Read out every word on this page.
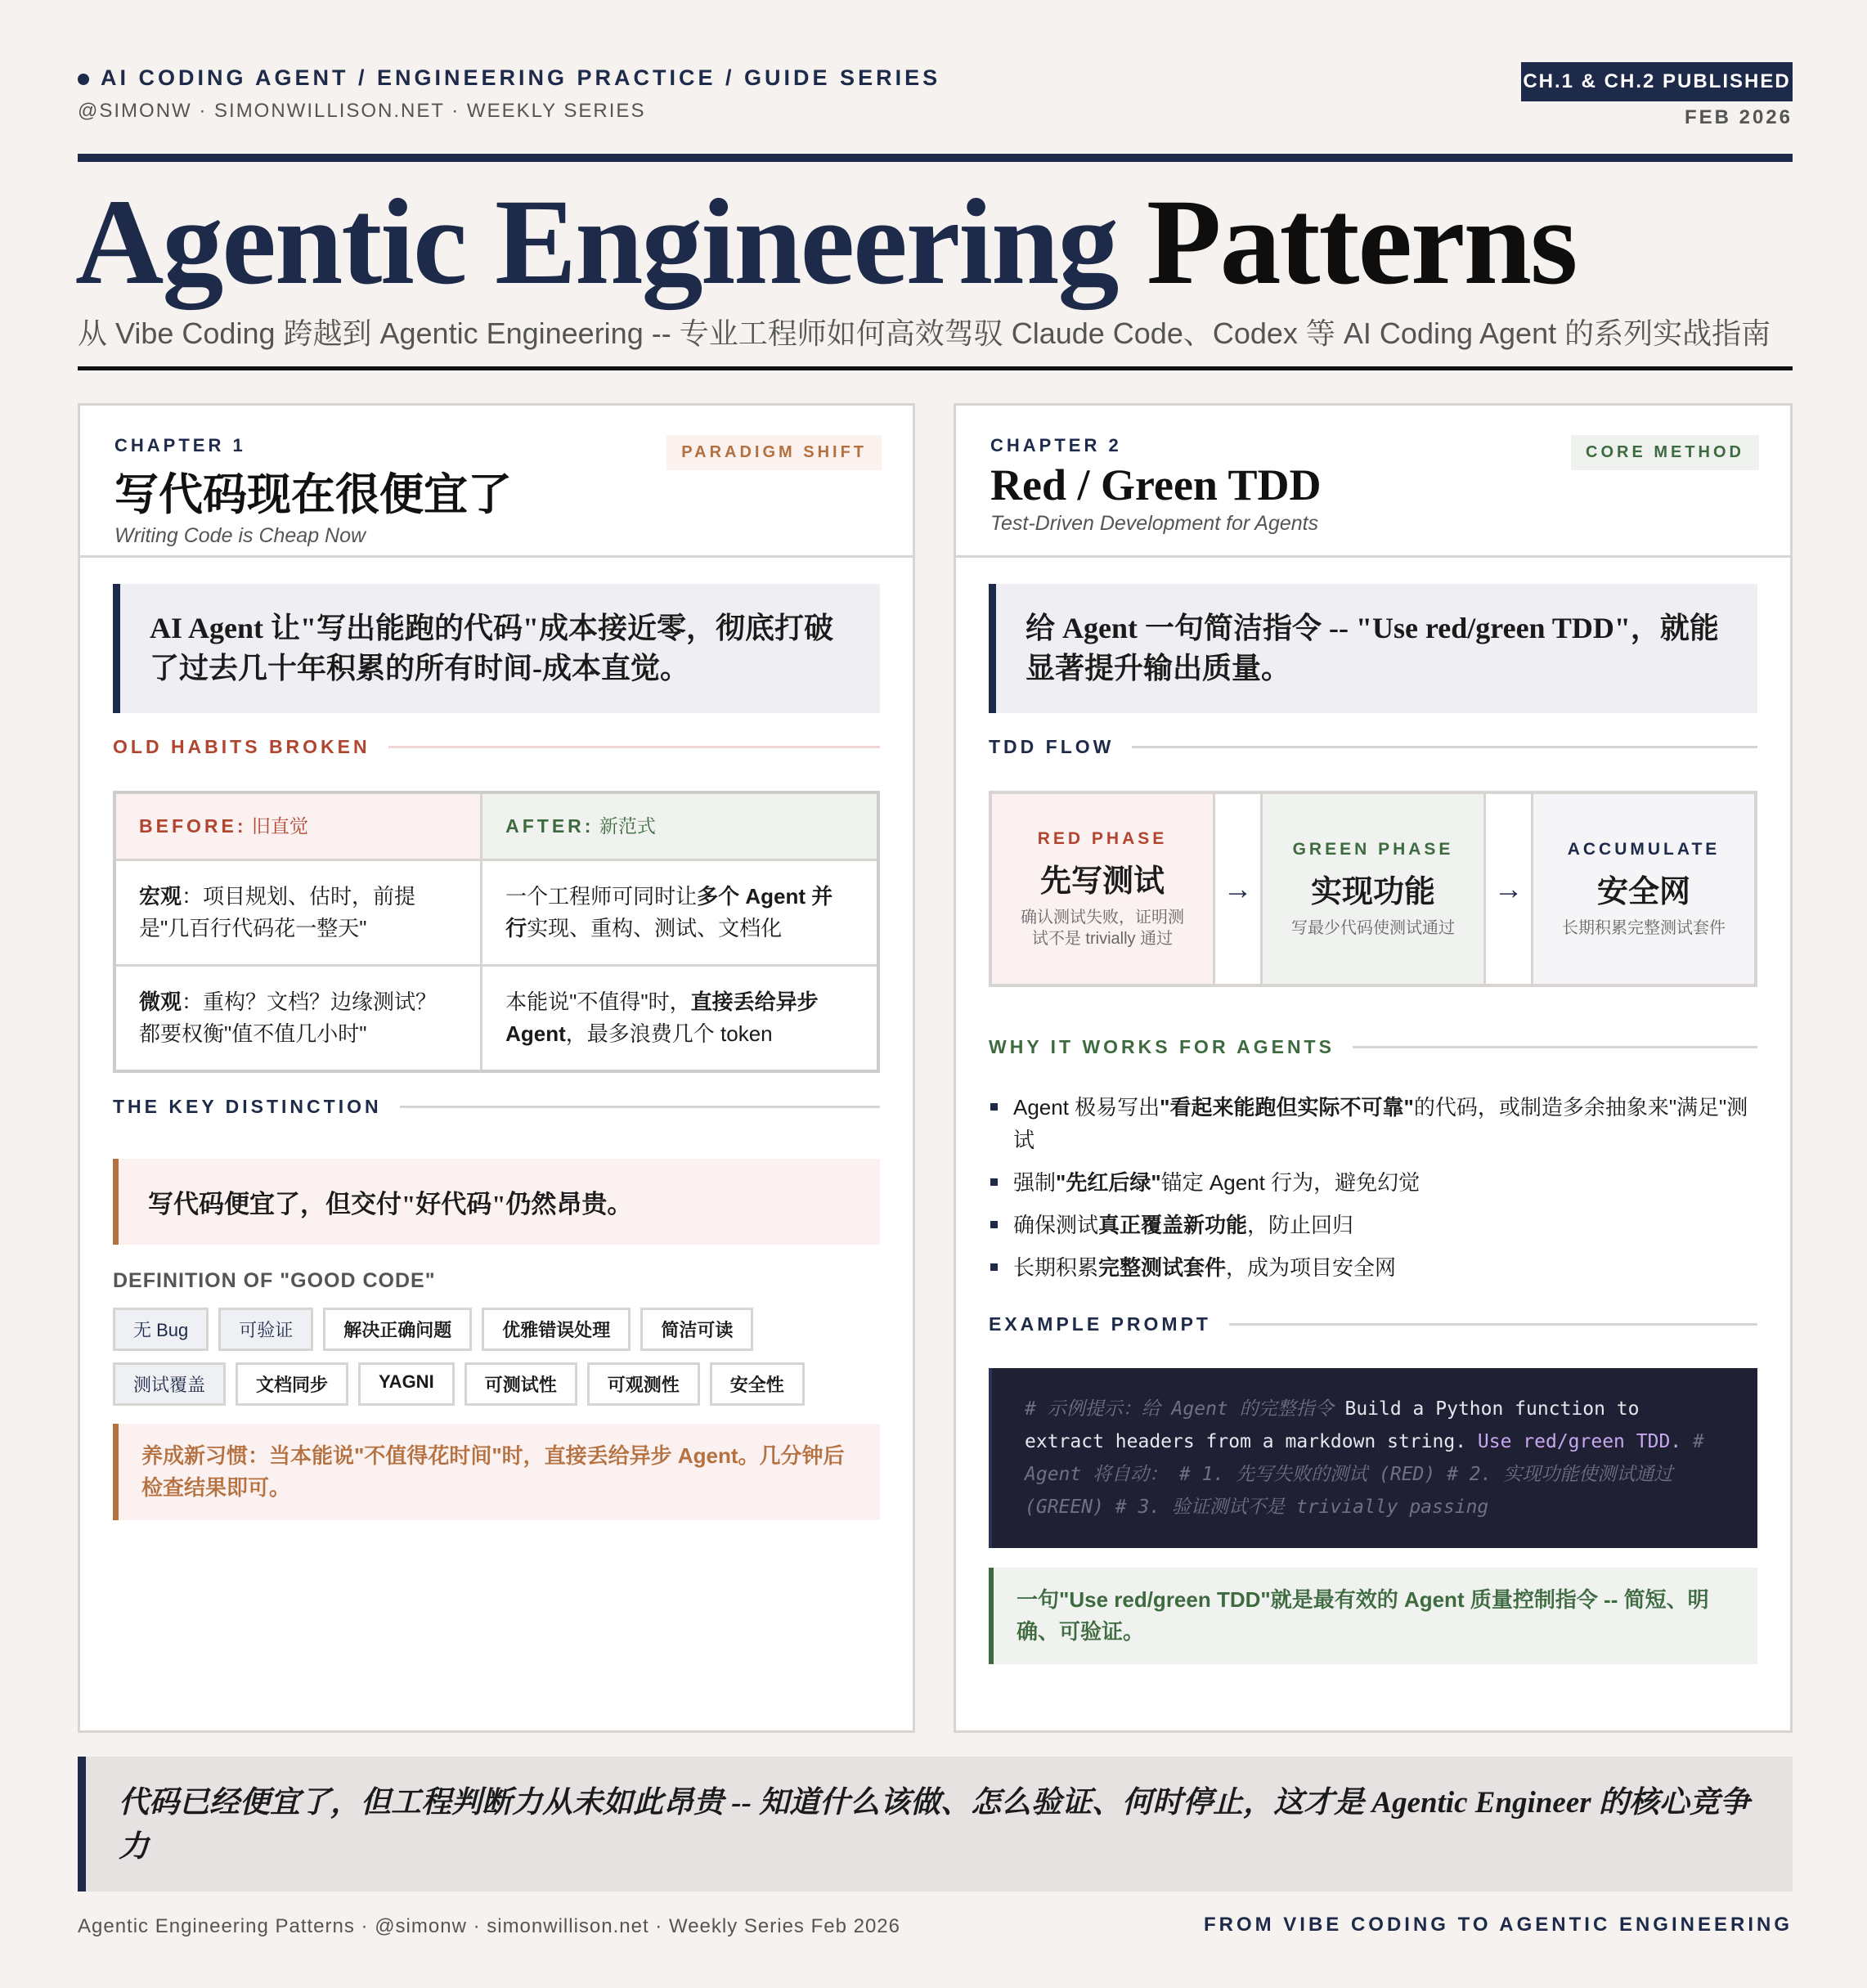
AI CODING AGENT / ENGINEERING PRACTICE / GUIDE SERIES
@SIMONW · SIMONWILLISON.NET · WEEKLY SERIES
CH.1 & CH.2 PUBLISHED
FEB 2026
Agentic Engineering Patterns
从 Vibe Coding 跨越到 Agentic Engineering -- 专业工程师如何高效驾驭 Claude Code、Codex 等 AI Coding Agent 的系列实战指南
CHAPTER 1
写代码现在很便宜了
Writing Code is Cheap Now
PARADIGM SHIFT
AI Agent 让"写出能跑的代码"成本接近零，彻底打破了过去几十年积累的所有时间-成本直觉。
OLD HABITS BROKEN
BEFORE: 旧直觉	AFTER: 新范式
宏观：项目规划、估时，前提是"几百行代码花一整天"	一个工程师可同时让多个 Agent 并行实现、重构、测试、文档化
微观：重构？文档？边缘测试？都要权衡"值不值几小时"	本能说"不值得"时，直接丢给异步 Agent，最多浪费几个 token
THE KEY DISTINCTION
写代码便宜了，但交付"好代码"仍然昂贵。
DEFINITION OF "GOOD CODE"
无 Bug	可验证	解决正确问题	优雅错误处理	简洁可读
测试覆盖	文档同步	YAGNI	可测试性	可观测性	安全性
养成新习惯：当本能说"不值得花时间"时，直接丢给异步 Agent。几分钟后检查结果即可。
CHAPTER 2
Red / Green TDD
Test-Driven Development for Agents
CORE METHOD
给 Agent 一句简洁指令 -- "Use red/green TDD"，就能显著提升输出质量。
TDD FLOW
RED PHASE
先写测试
确认测试失败，证明测试不是 trivially 通过
→
GREEN PHASE
实现功能
写最少代码使测试通过
→
ACCUMULATE
安全网
长期积累完整测试套件
WHY IT WORKS FOR AGENTS
Agent 极易写出"看起来能跑但实际不可靠"的代码，或制造多余抽象来"满足"测试
强制"先红后绿"锚定 Agent 行为，避免幻觉
确保测试真正覆盖新功能，防止回归
长期积累完整测试套件，成为项目安全网
EXAMPLE PROMPT
# 示例提示：给 Agent 的完整指令 Build a Python function to extract headers from a markdown string. Use red/green TDD. # Agent 将自动： # 1. 先写失败的测试 (RED) # 2. 实现功能使测试通过 (GREEN) # 3. 验证测试不是 trivially passing
一句"Use red/green TDD"就是最有效的 Agent 质量控制指令 -- 简短、明确、可验证。
代码已经便宜了，但工程判断力从未如此昂贵 -- 知道什么该做、怎么验证、何时停止，这才是 Agentic Engineer 的核心竞争力
Agentic Engineering Patterns · @simonw · simonwillison.net · Weekly Series Feb 2026	FROM VIBE CODING TO AGENTIC ENGINEERING
